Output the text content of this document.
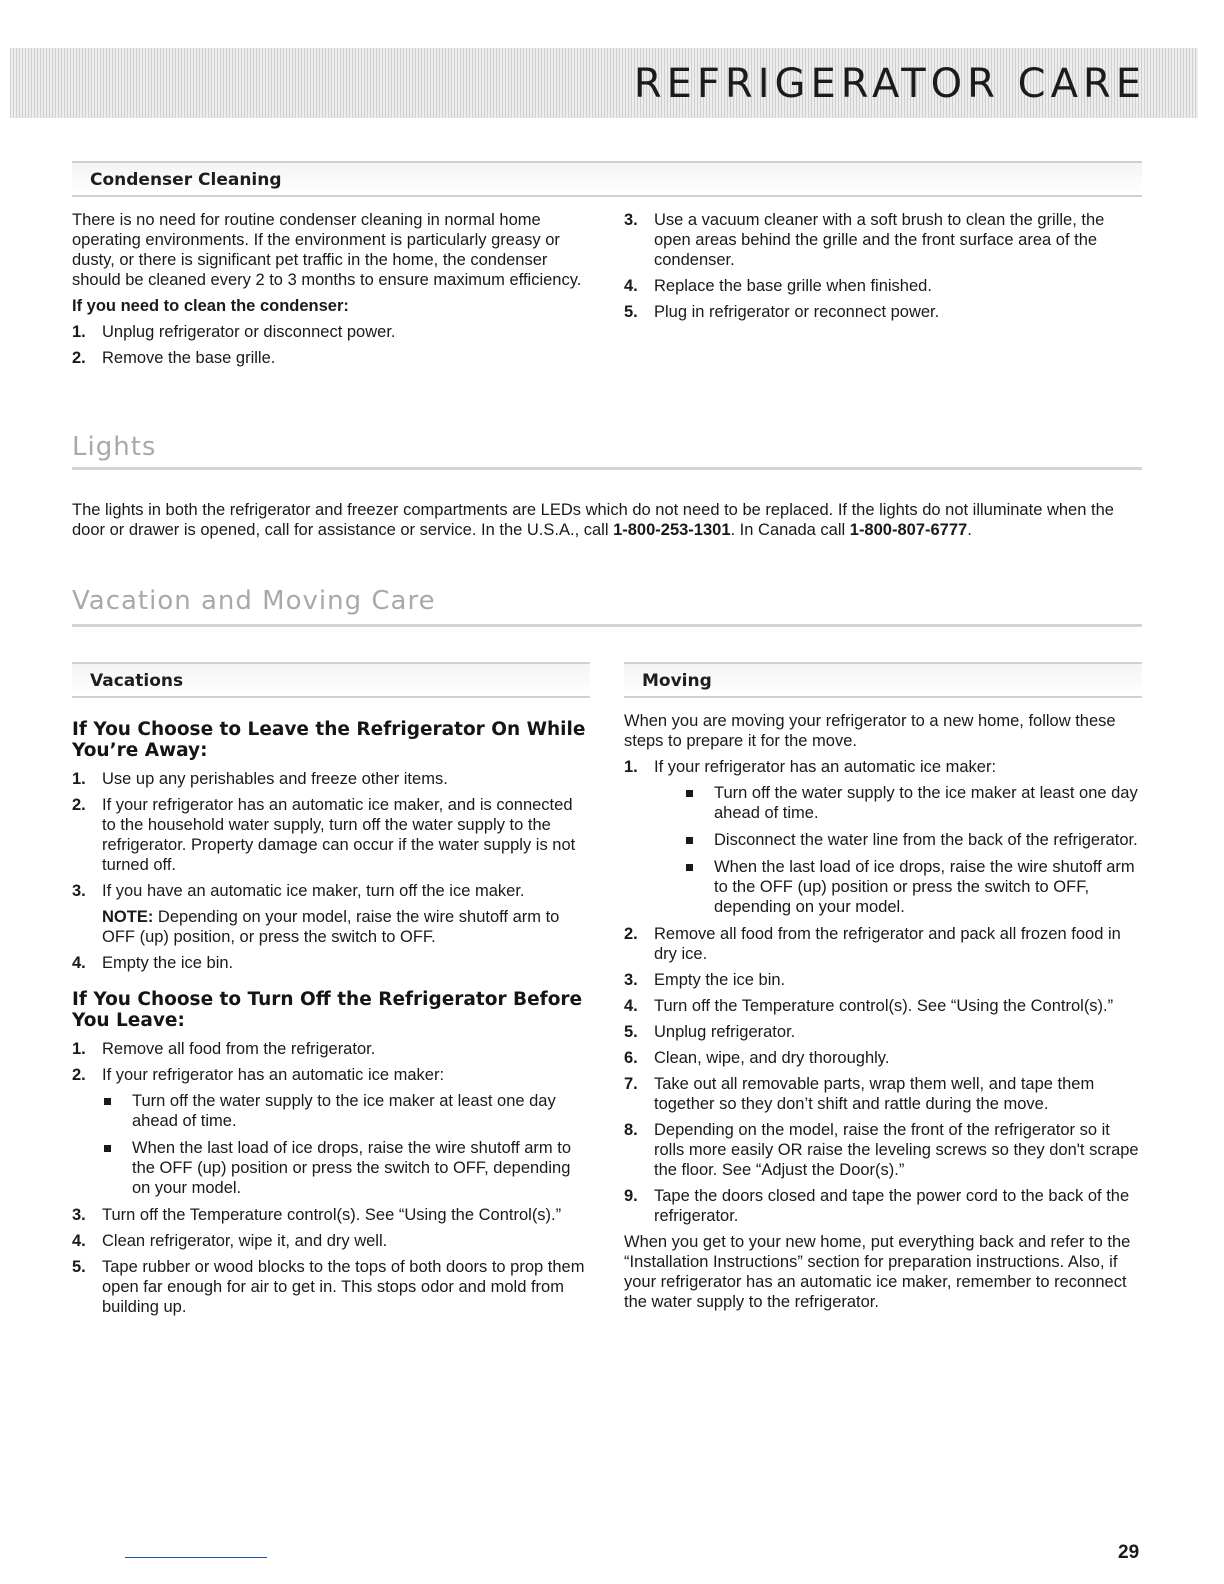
REFRIGERATOR CARE
Condenser Cleaning

There is no need for routine condenser cleaning in normal home operating environments. If the environment is particularly greasy or dusty, or there is significant pet traffic in the home, the condenser should be cleaned every 2 to 3 months to ensure maximum efficiency.

If you need to clean the condenser:

1. Unplug refrigerator or disconnect power.
2. Remove the base grille.
3. Use a vacuum cleaner with a soft brush to clean the grille, the open areas behind the grille and the front surface area of the condenser.
4. Replace the base grille when finished.
5. Plug in refrigerator or reconnect power.
Lights

The lights in both the refrigerator and freezer compartments are LEDs which do not need to be replaced. If the lights do not illuminate when the door or drawer is opened, call for assistance or service. In the U.S.A., call 1-800-253-1301. In Canada call 1-800-807-6777.

Vacation and Moving Care
Vacations	Moving
If You Choose to Leave the Refrigerator On While You’re Away:
1. Use up any perishables and freeze other items.
2. If your refrigerator has an automatic ice maker, and is connected to the household water supply, turn off the water supply to the refrigerator. Property damage can occur if the water supply is not turned off.
3. If you have an automatic ice maker, turn off the ice maker.
NOTE: Depending on your model, raise the wire shutoff arm to OFF (up) position, or press the switch to OFF.
4. Empty the ice bin.
If You Choose to Turn Off the Refrigerator Before You Leave:
1. Remove all food from the refrigerator.
2. If your refrigerator has an automatic ice maker:
Turn off the water supply to the ice maker at least one day ahead of time.
When the last load of ice drops, raise the wire shutoff arm to the OFF (up) position or press the switch to OFF, depending on your model.
3. Turn off the Temperature control(s). See “Using the Control(s).”
4. Clean refrigerator, wipe it, and dry well.
5. Tape rubber or wood blocks to the tops of both doors to prop them open far enough for air to get in. This stops odor and mold from building up.

When you are moving your refrigerator to a new home, follow these steps to prepare it for the move.

1. If your refrigerator has an automatic ice maker:
Turn off the water supply to the ice maker at least one day ahead of time.
Disconnect the water line from the back of the refrigerator.
When the last load of ice drops, raise the wire shutoff arm to the OFF (up) position or press the switch to OFF, depending on your model.
2. Remove all food from the refrigerator and pack all frozen food in dry ice.
3. Empty the ice bin.
4. Turn off the Temperature control(s). See “Using the Control(s).”
5. Unplug refrigerator.
6. Clean, wipe, and dry thoroughly.
7. Take out all removable parts, wrap them well, and tape them together so they don’t shift and rattle during the move.
8. Depending on the model, raise the front of the refrigerator so it rolls more easily OR raise the leveling screws so they don't scrape the floor. See “Adjust the Door(s).”
9. Tape the doors closed and tape the power cord to the back of the refrigerator.

When you get to your new home, put everything back and refer to the “Installation Instructions” section for preparation instructions. Also, if your refrigerator has an automatic ice maker, remember to reconnect the water supply to the refrigerator.

29
